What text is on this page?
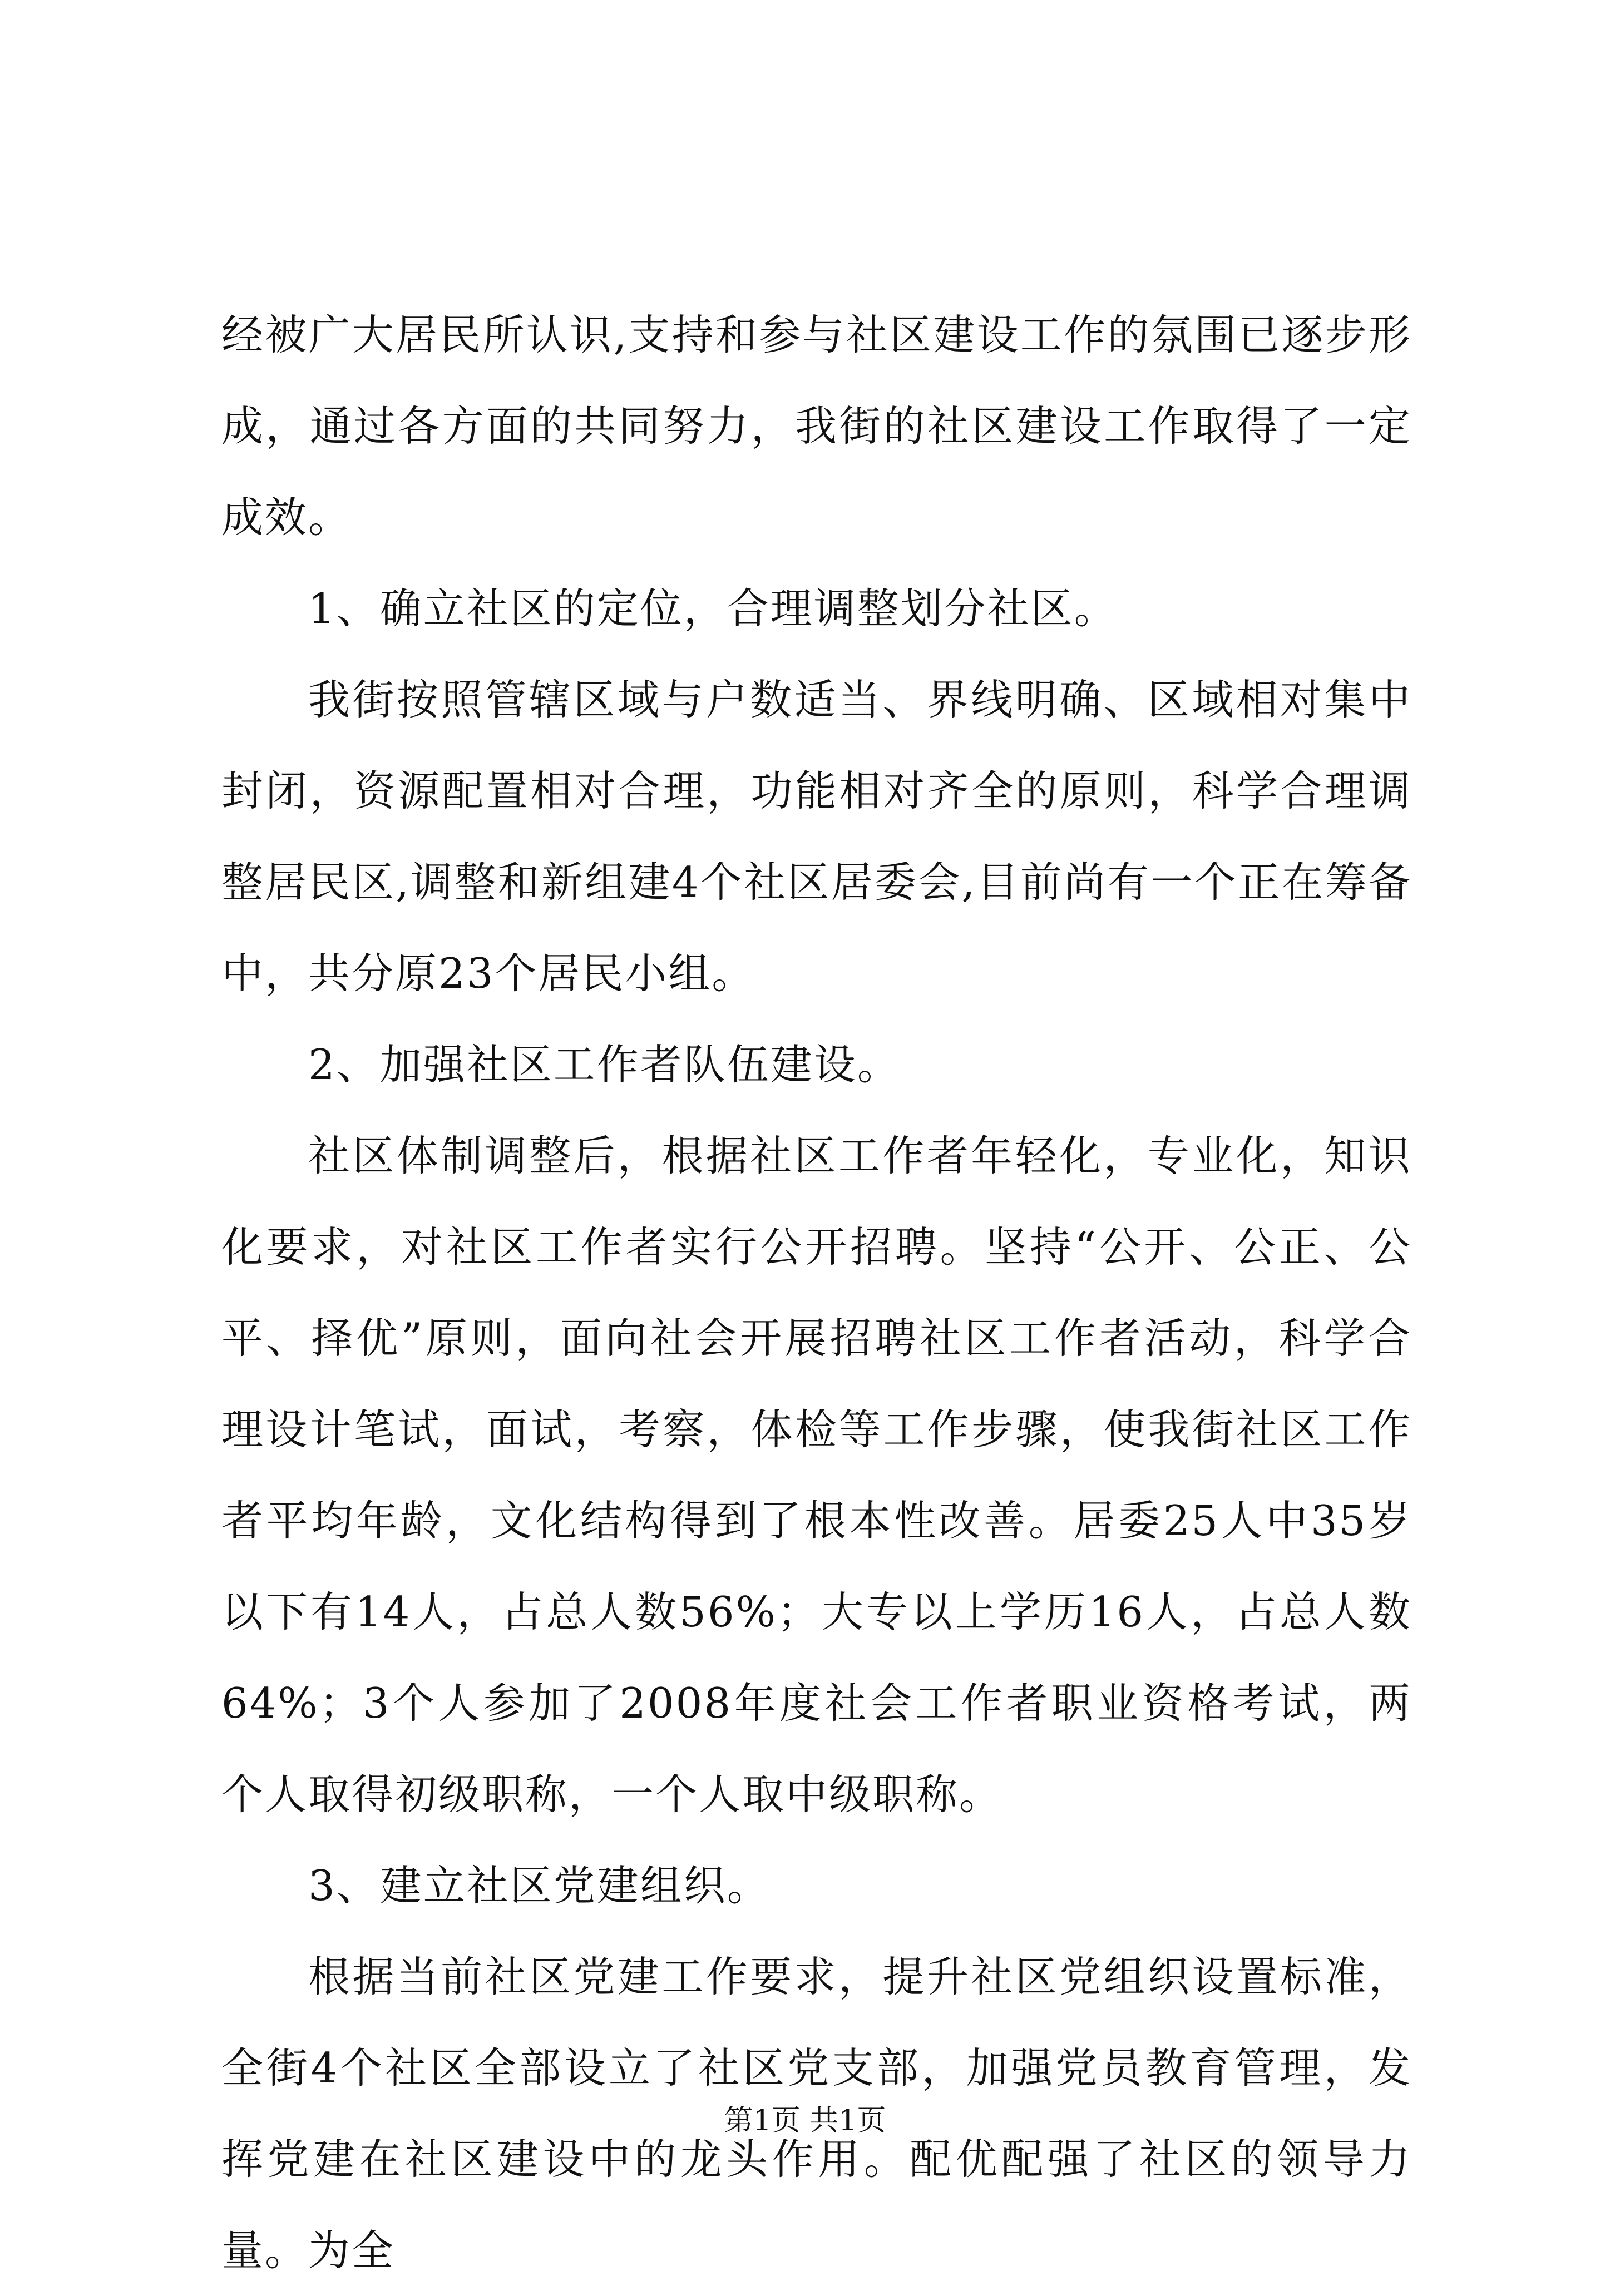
经被广大居民所认识,支持和参与社区建设工作的氛围已逐步形成，通过各方面的共同努力，我街的社区建设工作取得了一定成效。

1、确立社区的定位，合理调整划分社区。

我街按照管辖区域与户数适当、界线明确、区域相对集中封闭，资源配置相对合理，功能相对齐全的原则，科学合理调整居民区,调整和新组建4个社区居委会,目前尚有一个正在筹备中，共分原23个居民小组。

2、加强社区工作者队伍建设。

社区体制调整后，根据社区工作者年轻化，专业化，知识化要求，对社区工作者实行公开招聘。坚持“公开、公正、公平、择优”原则，面向社会开展招聘社区工作者活动，科学合理设计笔试，面试，考察，体检等工作步骤，使我街社区工作者平均年龄，文化结构得到了根本性改善。居委25人中35岁以下有14人，占总人数56%；大专以上学历16人，占总人数64%；3个人参加了2008年度社会工作者职业资格考试，两个人取得初级职称，一个人取中级职称。

3、建立社区党建组织。

根据当前社区党建工作要求，提升社区党组织设置标准，全街4个社区全部设立了社区党支部，加强党员教育管理，发挥党建在社区建设中的龙头作用。配优配强了社区的领导力量。为全

第1页 共1页
